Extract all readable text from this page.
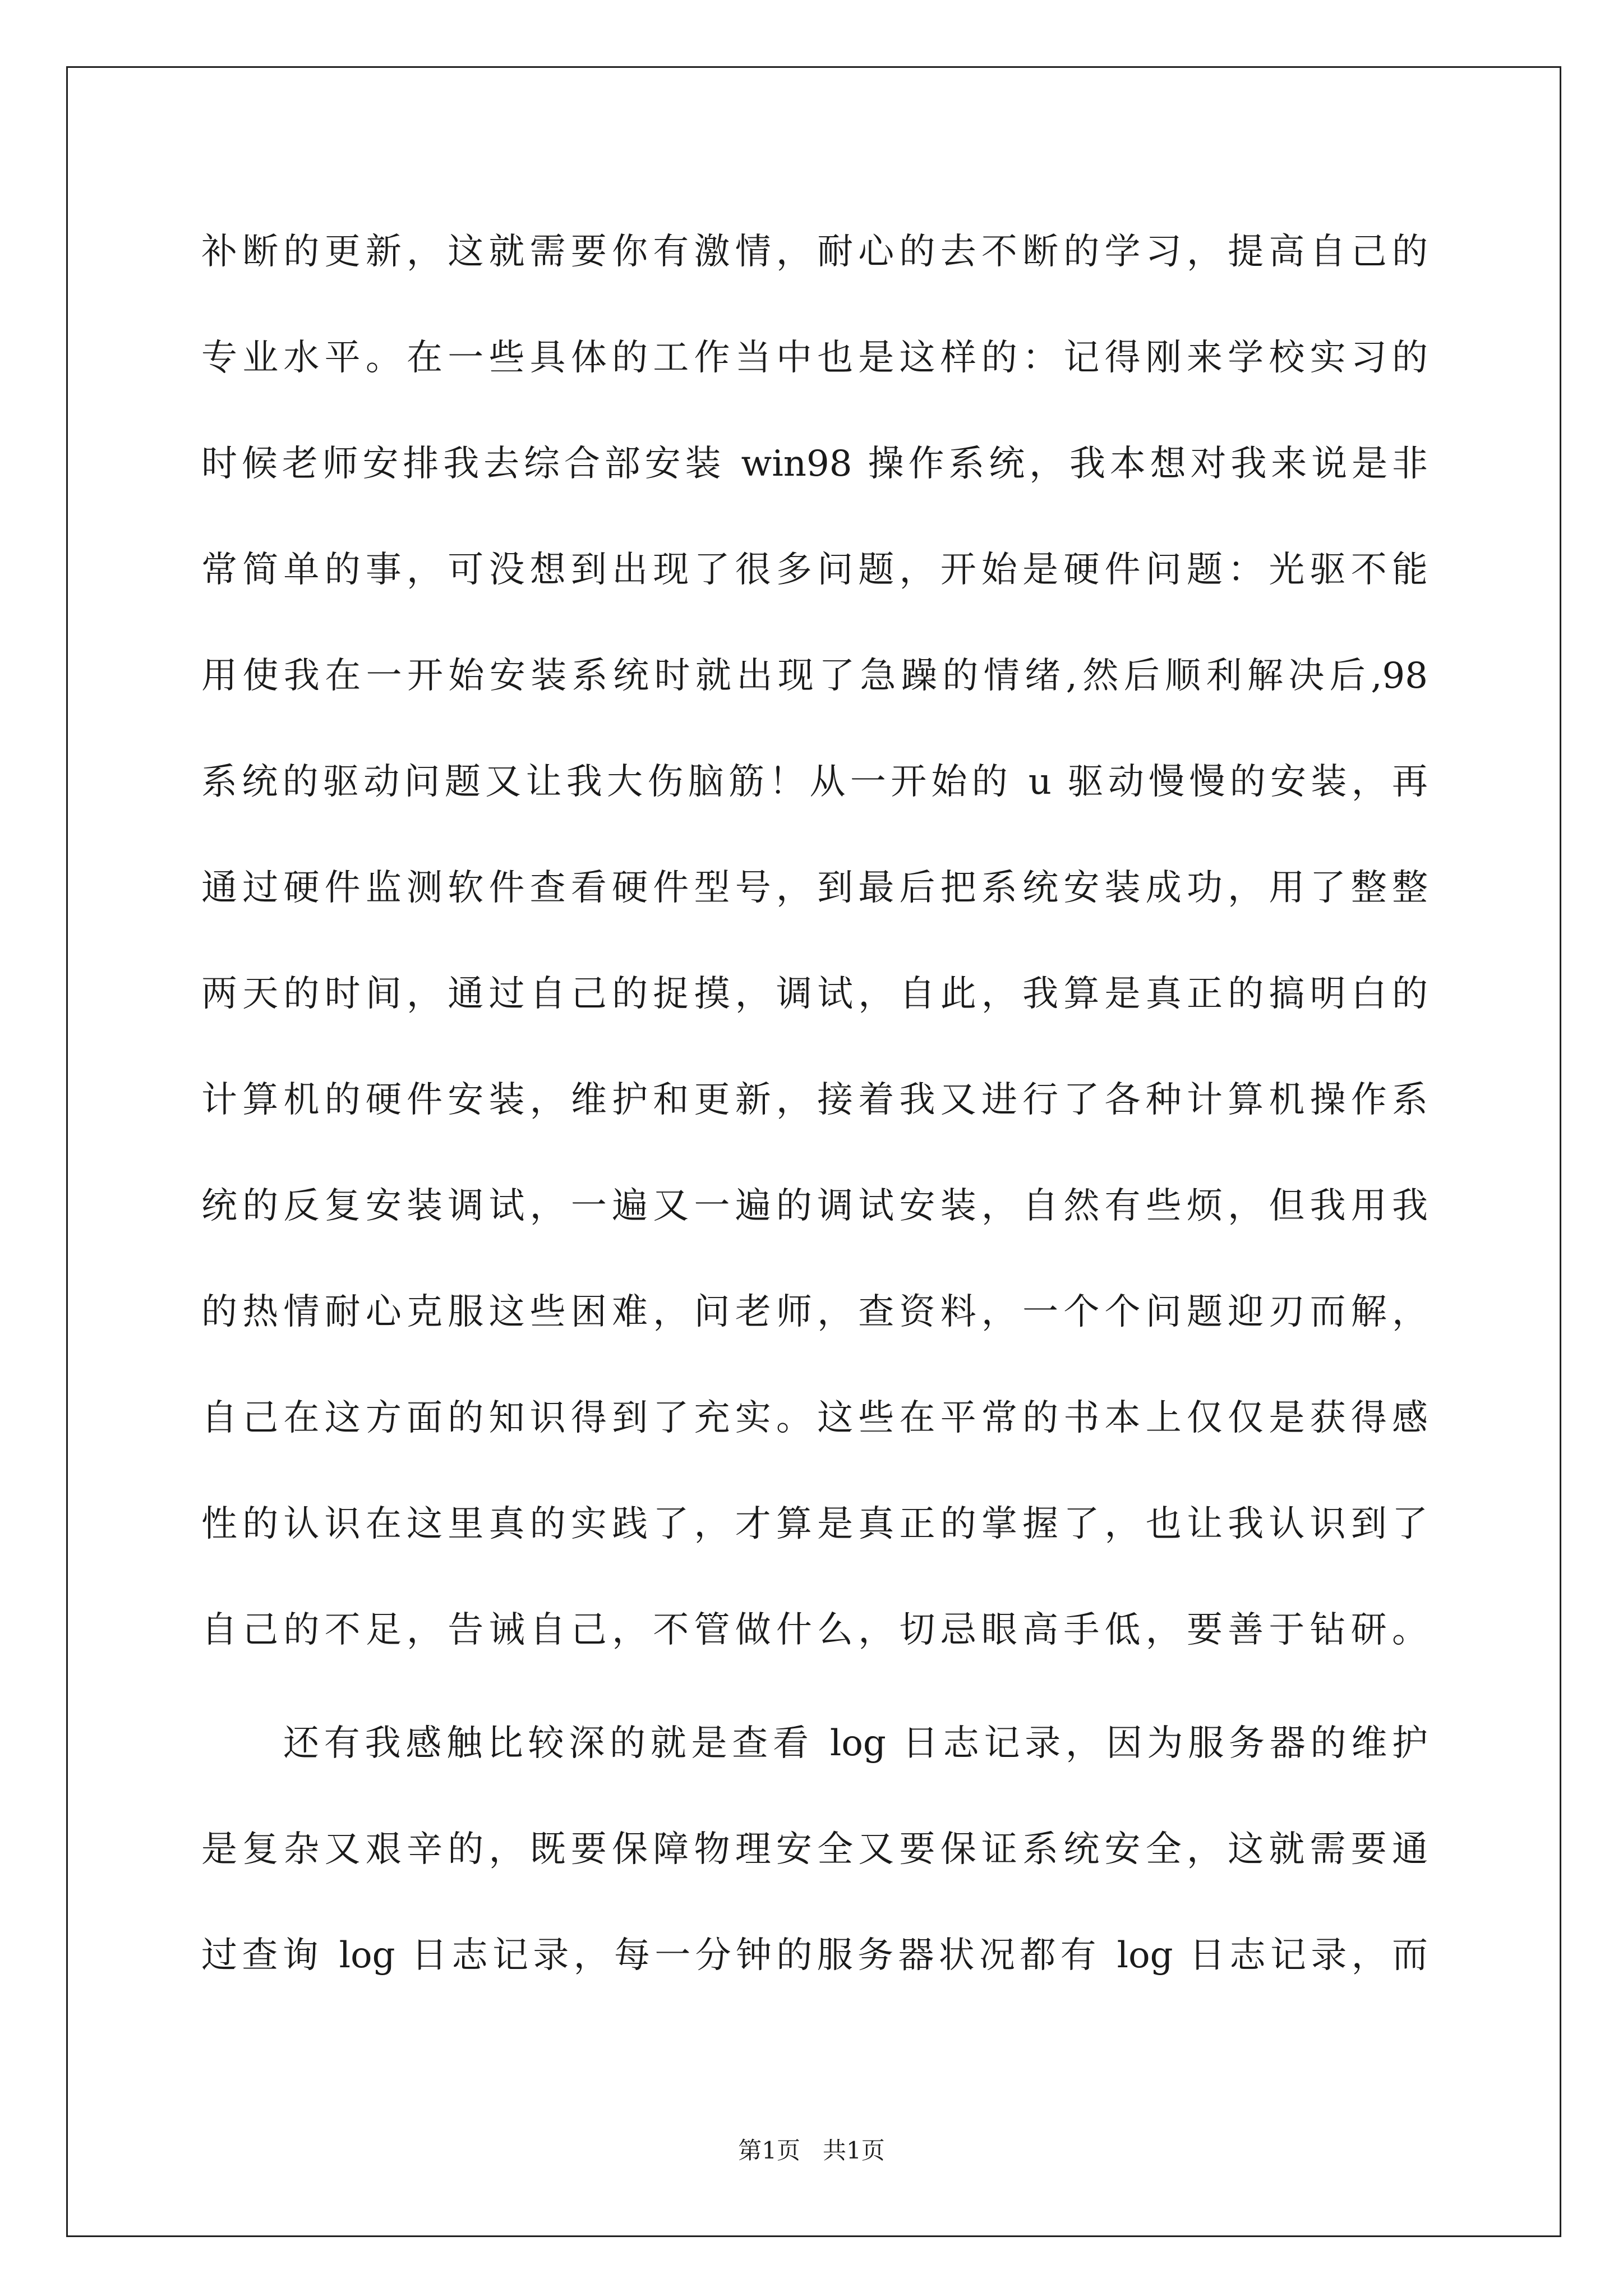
补断的更新，这就需要你有激情，耐心的去不断的学习，提高自己的
专业水平。在一些具体的工作当中也是这样的：记得刚来学校实习的
时候老师安排我去综合部安装 win98 操作系统，我本想对我来说是非
常简单的事，可没想到出现了很多问题，开始是硬件问题：光驱不能
用使我在一开始安装系统时就出现了急躁的情绪,然后顺利解决后,98
系统的驱动问题又让我大伤脑筋！从一开始的 u 驱动慢慢的安装，再
通过硬件监测软件查看硬件型号，到最后把系统安装成功，用了整整
两天的时间，通过自己的捉摸，调试，自此，我算是真正的搞明白的
计算机的硬件安装，维护和更新，接着我又进行了各种计算机操作系
统的反复安装调试，一遍又一遍的调试安装，自然有些烦，但我用我
的热情耐心克服这些困难，问老师，查资料，一个个问题迎刃而解，
自己在这方面的知识得到了充实。这些在平常的书本上仅仅是获得感
性的认识在这里真的实践了，才算是真正的掌握了，也让我认识到了
自己的不足，告诫自己，不管做什么，切忌眼高手低，要善于钻研。
还有我感触比较深的就是查看 log 日志记录，因为服务器的维护
是复杂又艰辛的，既要保障物理安全又要保证系统安全，这就需要通
过查询 log 日志记录，每一分钟的服务器状况都有 log 日志记录，而
第1页 共1页
